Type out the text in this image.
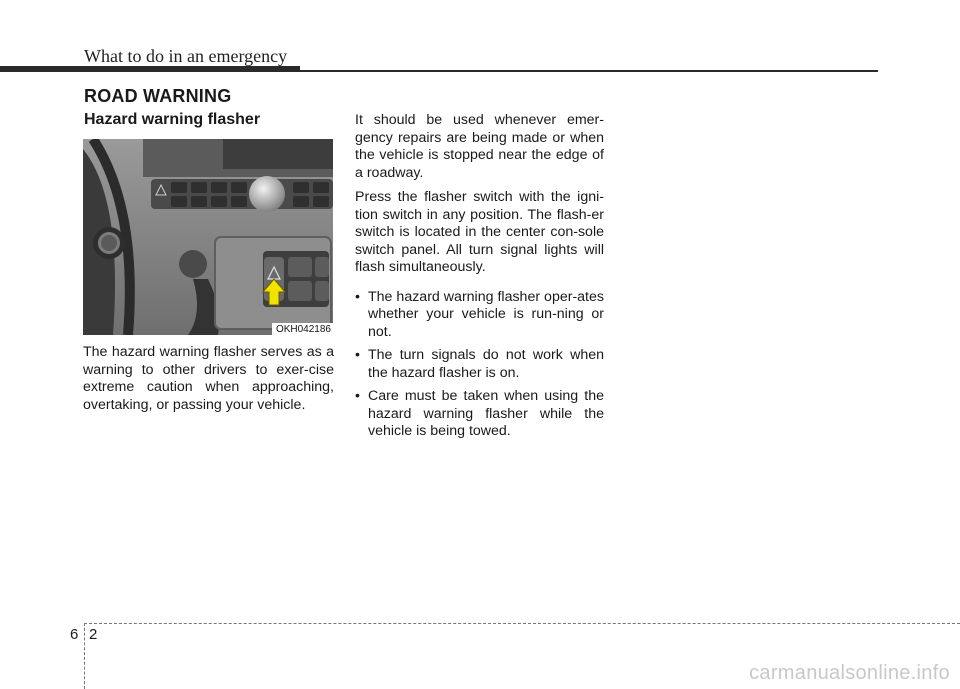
What to do in an emergency
ROAD WARNING
Hazard warning flasher
OKH042186

The hazard warning flasher serves as a warning to other drivers to exer-cise extreme caution when approaching, overtaking, or passing your vehicle.

It should be used whenever emer-gency repairs are being made or when the vehicle is stopped near the edge of a roadway.

Press the flasher switch with the igni-tion switch in any position. The flash-er switch is located in the center con-sole switch panel. All turn signal lights will flash simultaneously.

• The hazard warning flasher oper-ates whether your vehicle is run-ning or not.
• The turn signals do not work when the hazard flasher is on.
• Care must be taken when using the hazard warning flasher while the vehicle is being towed.
6 2
carmanualsonline.info
